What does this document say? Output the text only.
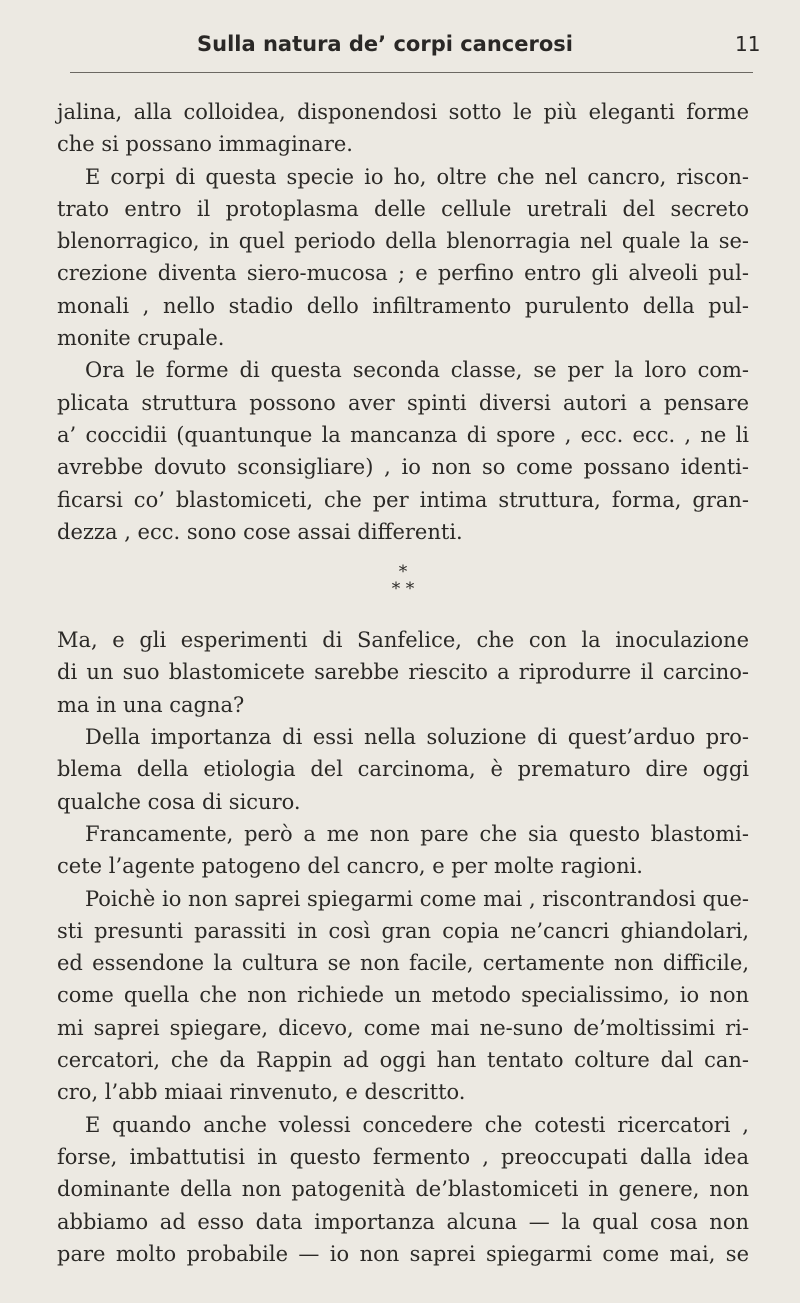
Sulla natura de’ corpi cancerosi	11
jalina, alla colloidea, disponendosi sotto le più eleganti forme
che si possano immaginare.
E corpi di questa specie io ho, oltre che nel cancro, riscon-
trato entro il protoplasma delle cellule uretrali del secreto
blenorragico, in quel periodo della blenorragia nel quale la se-
crezione diventa siero-mucosa ; e perfino entro gli alveoli pul-
monali , nello stadio dello infiltramento purulento della pul-
monite crupale.
Ora le forme di questa seconda classe, se per la loro com-
plicata struttura possono aver spinti diversi autori a pensare
a’ coccidii (quantunque la mancanza di spore , ecc. ecc. , ne li
avrebbe dovuto sconsigliare) , io non so come possano identi-
ficarsi co’ blastomiceti, che per intima struttura, forma, gran-
dezza , ecc. sono cose assai differenti.
*
* *
Ma, e gli esperimenti di Sanfelice, che con la inoculazione
di un suo blastomicete sarebbe riescito a riprodurre il carcino-
ma in una cagna?
Della importanza di essi nella soluzione di quest’arduo pro-
blema della etiologia del carcinoma, è prematuro dire oggi
qualche cosa di sicuro.
Francamente, però a me non pare che sia questo blastomi-
cete l’agente patogeno del cancro, e per molte ragioni.
Poichè io non saprei spiegarmi come mai , riscontrandosi que-
sti presunti parassiti in così gran copia ne’cancri ghiandolari,
ed essendone la cultura se non facile, certamente non difficile,
come quella che non richiede un metodo specialissimo, io non
mi saprei spiegare, dicevo, come mai ne-suno de’moltissimi ri-
cercatori, che da Rappin ad oggi han tentato colture dal can-
cro, l’abb miaai rinvenuto, e descritto.
E quando anche volessi concedere che cotesti ricercatori ,
forse, imbattutisi in questo fermento , preoccupati dalla idea
dominante della non patogenità de’blastomiceti in genere, non
abbiamo ad esso data importanza alcuna — la qual cosa non
pare molto probabile — io non saprei spiegarmi come mai, se
